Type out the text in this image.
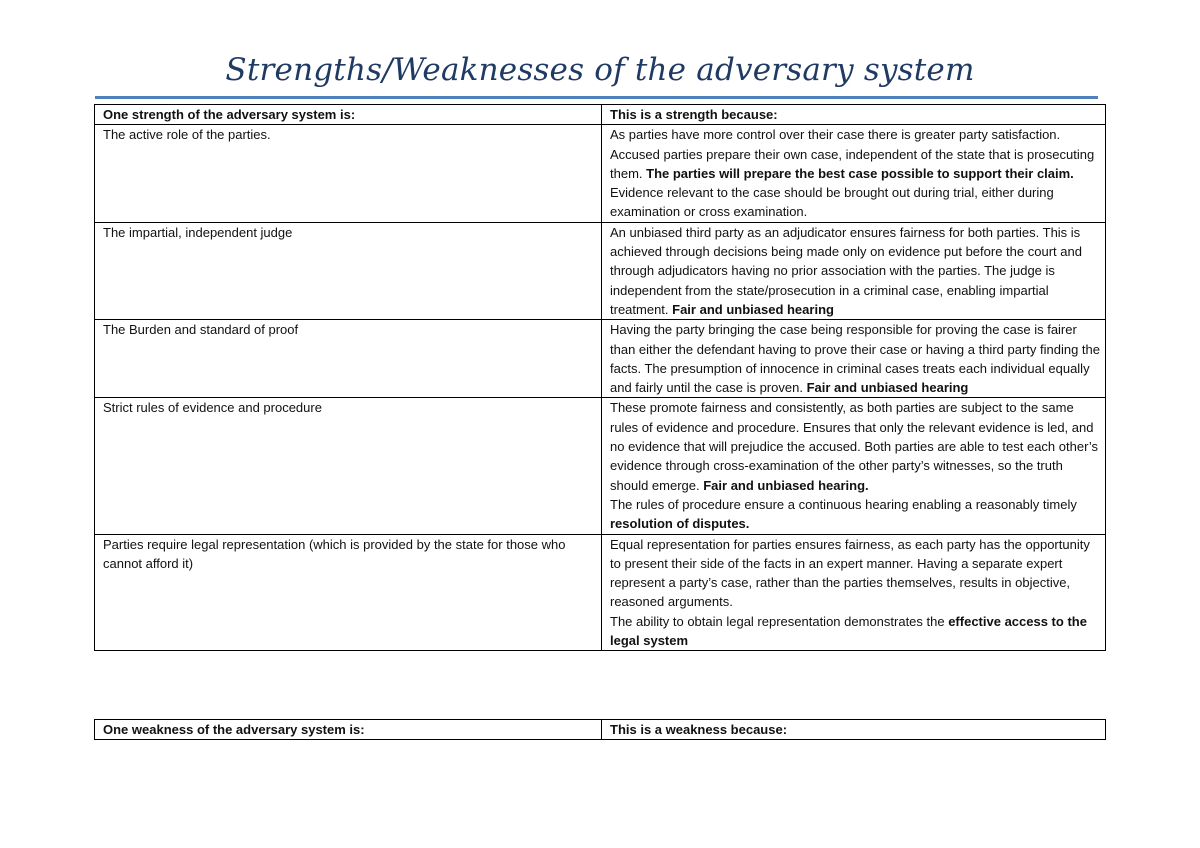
Strengths/Weaknesses of the adversary system
One strength of the adversary system is:	This is a strength because:
The active role of the parties.	As parties have more control over their case there is greater party satisfaction. Accused parties prepare their own case, independent of the state that is prosecuting them. The parties will prepare the best case possible to support their claim. Evidence relevant to the case should be brought out during trial, either during examination or cross examination.
The impartial, independent judge	An unbiased third party as an adjudicator ensures fairness for both parties. This is achieved through decisions being made only on evidence put before the court and through adjudicators having no prior association with the parties. The judge is independent from the state/prosecution in a criminal case, enabling impartial treatment. Fair and unbiased hearing
The Burden and standard of proof	Having the party bringing the case being responsible for proving the case is fairer than either the defendant having to prove their case or having a third party finding the facts. The presumption of innocence in criminal cases treats each individual equally and fairly until the case is proven. Fair and unbiased hearing
Strict rules of evidence and procedure	These promote fairness and consistently, as both parties are subject to the same rules of evidence and procedure. Ensures that only the relevant evidence is led, and no evidence that will prejudice the accused. Both parties are able to test each other’s evidence through cross-examination of the other party’s witnesses, so the truth should emerge. Fair and unbiased hearing.
The rules of procedure ensure a continuous hearing enabling a reasonably timely resolution of disputes.
Parties require legal representation (which is provided by the state for those who cannot afford it)	Equal representation for parties ensures fairness, as each party has the opportunity to present their side of the facts in an expert manner. Having a separate expert represent a party’s case, rather than the parties themselves, results in objective, reasoned arguments.
The ability to obtain legal representation demonstrates the effective access to the legal system
One weakness of the adversary system is:	This is a weakness because:
